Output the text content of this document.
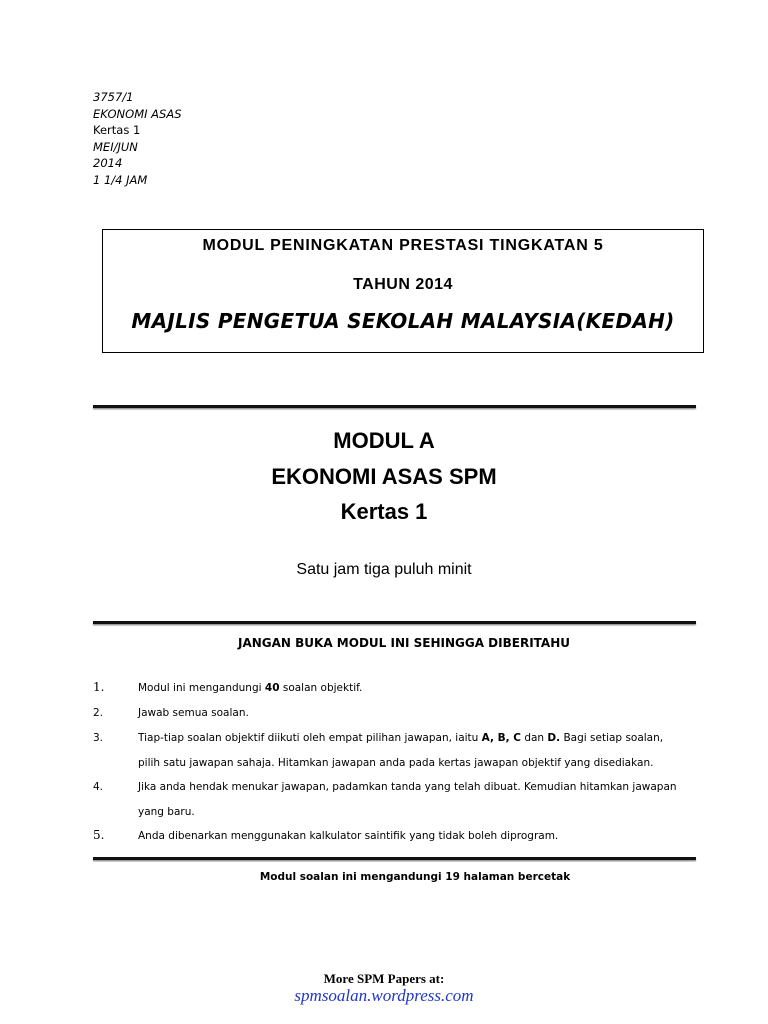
3757/1
EKONOMI ASAS
Kertas 1
MEI/JUN
2014
1 1/4 JAM
MODUL PENINGKATAN PRESTASI TINGKATAN 5
TAHUN 2014
MAJLIS PENGETUA SEKOLAH MALAYSIA(KEDAH)
MODUL A
EKONOMI ASAS SPM
Kertas 1
Satu jam tiga puluh minit
JANGAN BUKA MODUL INI SEHINGGA DIBERITAHU
1.	Modul ini mengandungi 40 soalan objektif.
2.	Jawab semua soalan.
3.	Tiap-tiap soalan objektif diikuti oleh empat pilihan jawapan, iaitu A, B, C dan D. Bagi setiap soalan,
pilih satu jawapan sahaja. Hitamkan jawapan anda pada kertas jawapan objektif yang disediakan.
4.	Jika anda hendak menukar jawapan, padamkan tanda yang telah dibuat. Kemudian hitamkan jawapan
yang baru.
5.	Anda dibenarkan menggunakan kalkulator saintifik yang tidak boleh diprogram.
Modul soalan ini mengandungi 19 halaman bercetak
More SPM Papers at:
spmsoalan.wordpress.com
